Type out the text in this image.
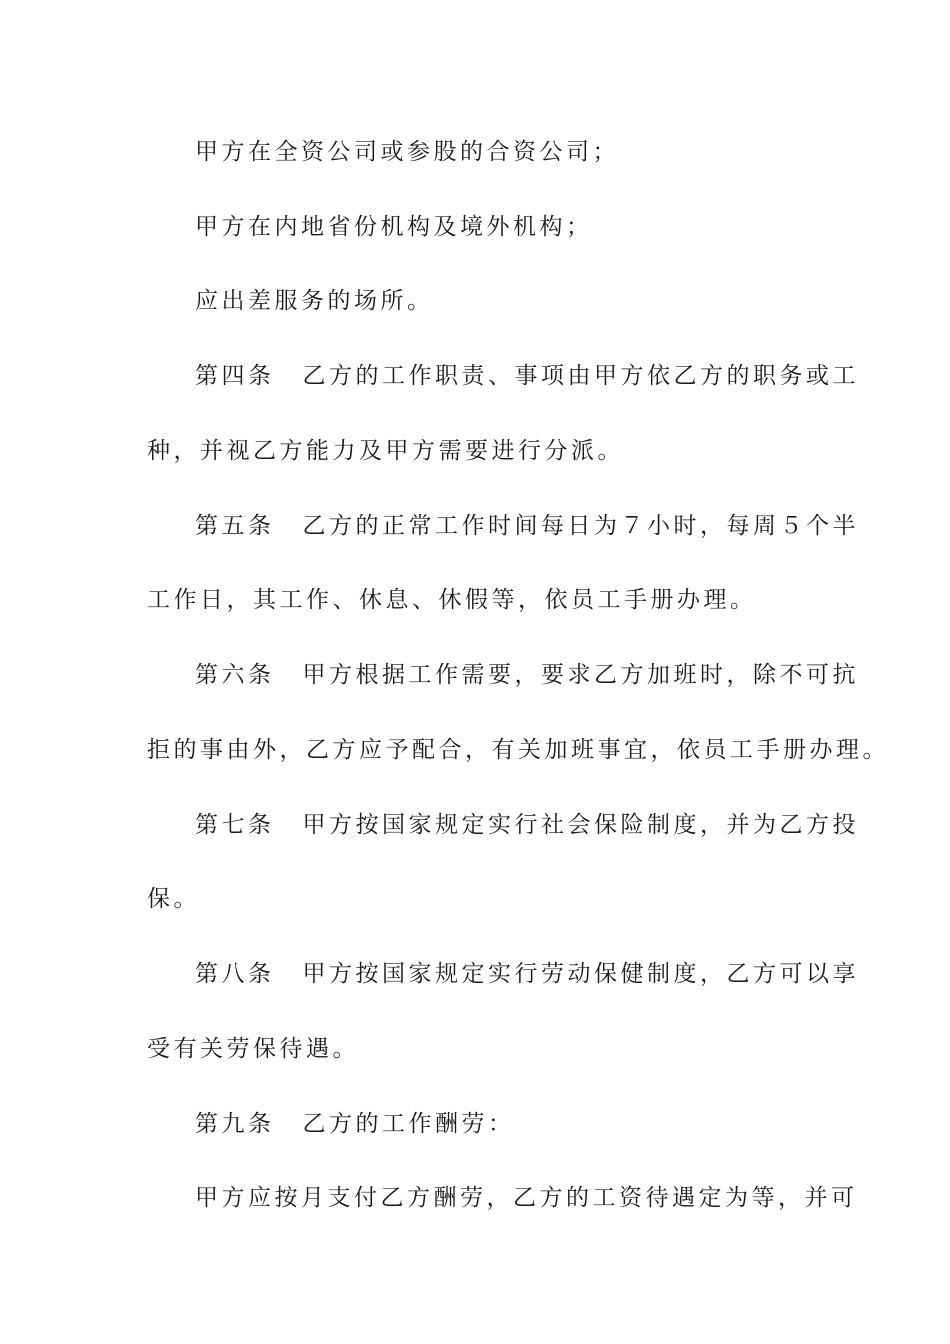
甲方在全资公司或参股的合资公司；
甲方在内地省份机构及境外机构；
应出差服务的场所。
第四条 乙方的工作职责、事项由甲方依乙方的职务或工
种，并视乙方能力及甲方需要进行分派。
第五条 乙方的正常工作时间每日为７小时，每周５个半
工作日，其工作、休息、休假等，依员工手册办理。
第六条 甲方根据工作需要，要求乙方加班时，除不可抗
拒的事由外，乙方应予配合，有关加班事宜，依员工手册办理。
第七条 甲方按国家规定实行社会保险制度，并为乙方投
保。
第八条 甲方按国家规定实行劳动保健制度，乙方可以享
受有关劳保待遇。
第九条 乙方的工作酬劳：
甲方应按月支付乙方酬劳，乙方的工资待遇定为等，并可
